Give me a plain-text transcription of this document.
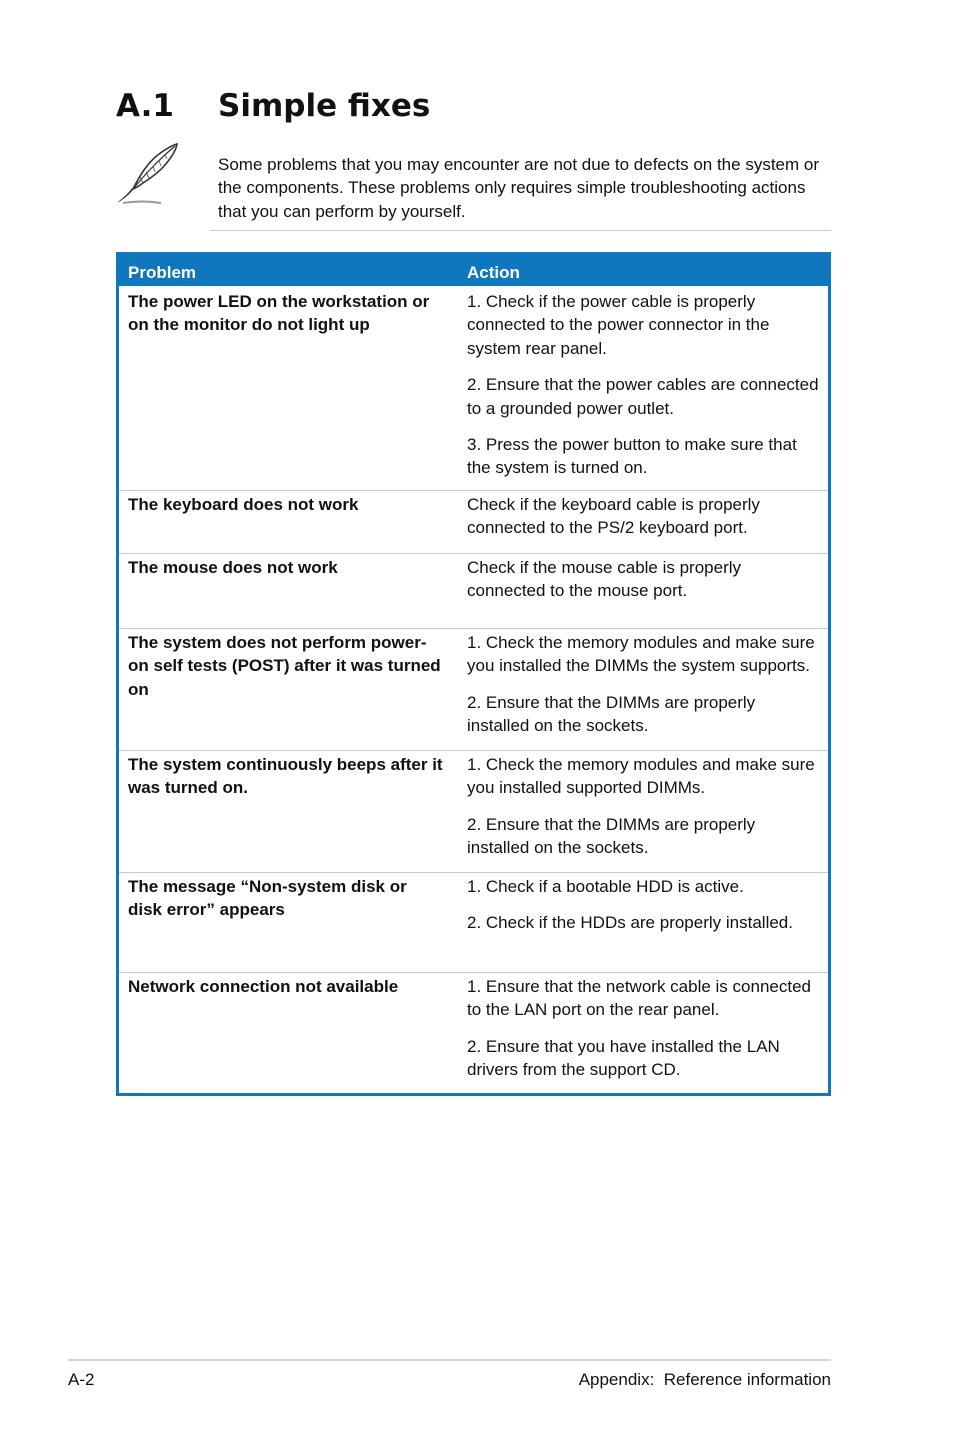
A.1 Simple fixes
Some problems that you may encounter are not due to defects on the system or the components. These problems only requires simple troubleshooting actions that you can perform by yourself.
Problem	Action
The power LED on the workstation or on the monitor do not light up	1. Check if the power cable is properly connected to the power connector in the system rear panel.

2. Ensure that the power cables are connected to a grounded power outlet.

3. Press the power button to make sure that the system is turned on.

The keyboard does not work	Check if the keyboard cable is properly connected to the PS/2 keyboard port.

The mouse does not work	Check if the mouse cable is properly connected to the mouse port.

The system does not perform power-on self tests (POST) after it was turned on	1. Check the memory modules and make sure you installed the DIMMs the system supports.

2. Ensure that the DIMMs are properly installed on the sockets.

The system continuously beeps after it was turned on.	1. Check the memory modules and make sure you installed supported DIMMs.

2. Ensure that the DIMMs are properly installed on the sockets.

The message “Non-system disk or disk error” appears	1. Check if a bootable HDD is active.

2. Check if the HDDs are properly installed.

Network connection not available	1. Ensure that the network cable is connected to the LAN port on the rear panel.

2. Ensure that you have installed the LAN drivers from the support CD.

A-2	Appendix:  Reference information
